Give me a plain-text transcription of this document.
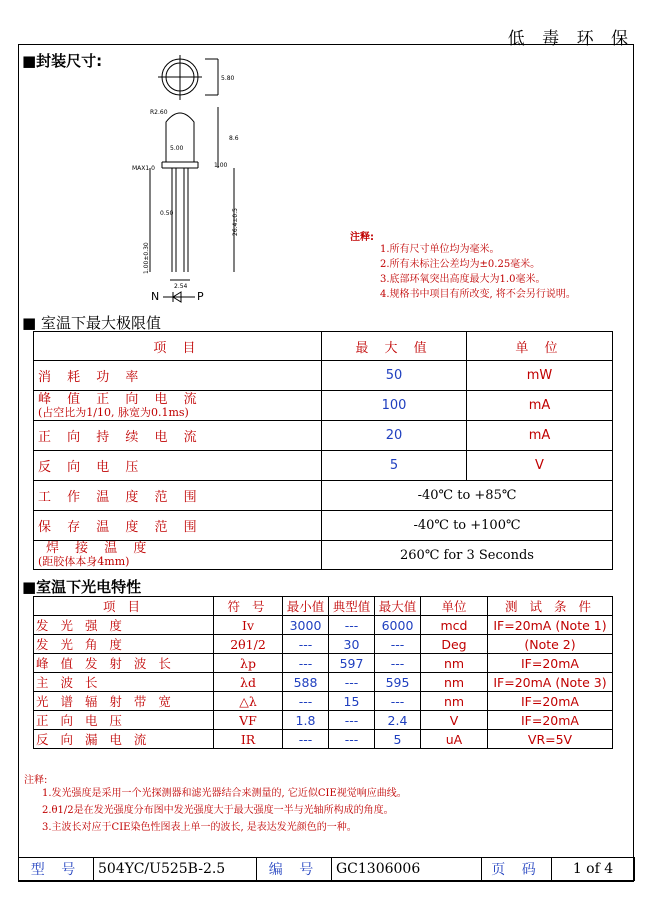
低 毒 环 保
■封装尺寸:
5.80
R2.60
8.6
5.00
1.00
MAX1.0
0.50	26.4±0.5
1.00±0.30
2.54
N	P
注释:
1.所有尺寸单位均为毫米。
2.所有未标注公差均为±0.25毫米。
3.底部环氧突出高度最大为1.0毫米。
4.规格书中项目有所改变, 将不会另行说明。
■ 室温下最大极限值
项 目	最 大 值	单 位
消 耗 功 率	50	mW

峰 值 正 向 电 流
(占空比为1/10, 脉宽为0.1ms)	100	mA
正 向 持 续 电 流	20	mA
反 向 电 压	5	V
工 作 温 度 范 围	-40℃ to +85℃	
保 存 温 度 范 围	-40℃ to +100℃	

焊 接 温 度
(距胶体本身4mm)	260℃ for 3 Seconds	
■室温下光电特性
项 目	符 号	最小值	典型值	最大值	单位	测 试 条 件
发 光 强 度	Iv	3000	---	6000	mcd	IF=20mA (Note 1)
发 光 角 度	2θ1/2	---	30	---	Deg	(Note 2)
峰 值 发 射 波 长	λp	---	597	---	nm	IF=20mA
主 波 长	λd	588	---	595	nm	IF=20mA (Note 3)
光 谱 辐 射 带 宽	△λ	---	15	---	nm	IF=20mA
正 向 电 压	VF	1.8	---	2.4	V	IF=20mA
反 向 漏 电 流	IR	---	---	5	uA	VR=5V
注释:
1.发光强度是采用一个光探测器和滤光器结合来测量的, 它近似CIE视觉响应曲线。
2.θ1/2是在发光强度分布图中发光强度大于最大强度一半与光轴所构成的角度。
3.主波长对应于CIE染色性图表上单一的波长, 是表达发光颜色的一种。
型 号	504YC/U525B-2.5	编 号	GC1306006	页 码	1 of 4
